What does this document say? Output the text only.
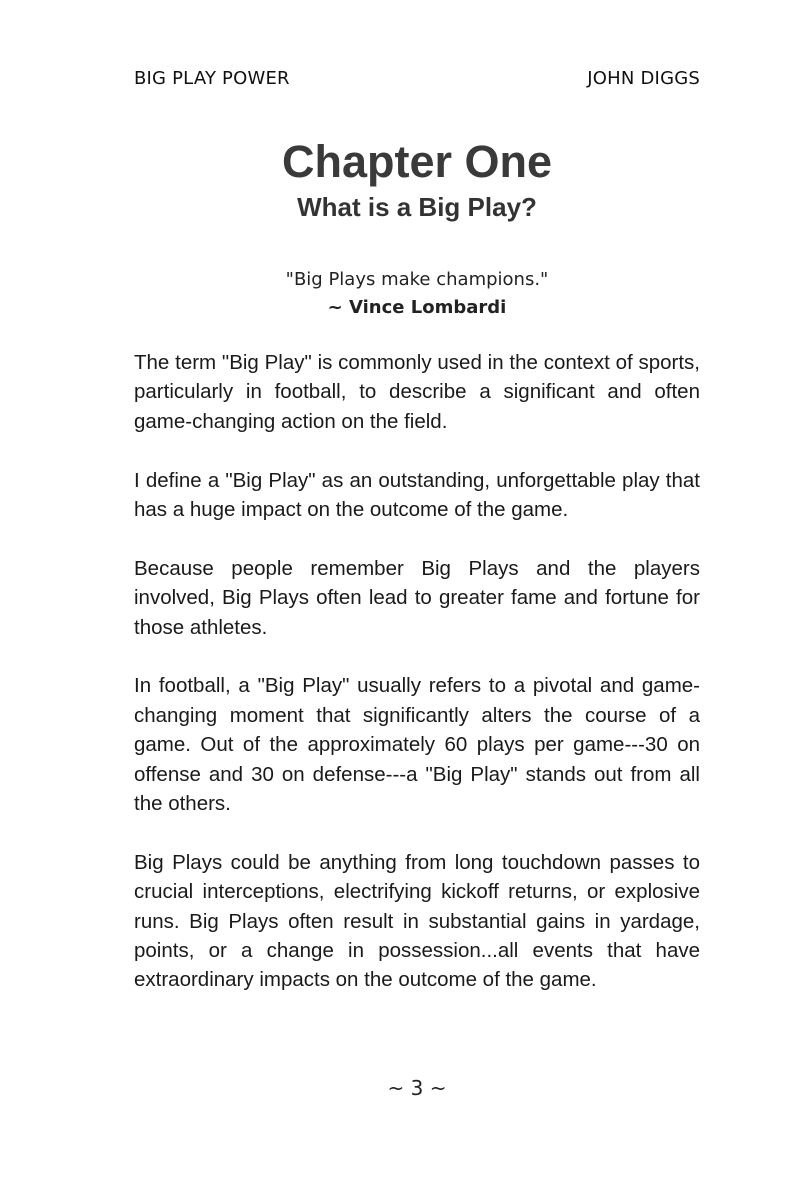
BIG PLAY POWER	JOHN DIGGS
Chapter One
What is a Big Play?
"Big Plays make champions."
~ Vince Lombardi

The term "Big Play" is commonly used in the context of sports, particularly in football, to describe a significant and often game-changing action on the field.

I define a "Big Play" as an outstanding, unforgettable play that has a huge impact on the outcome of the game.

Because people remember Big Plays and the players involved, Big Plays often lead to greater fame and fortune for those athletes.

In football, a "Big Play" usually refers to a pivotal and game-changing moment that significantly alters the course of a game. Out of the approximately 60 plays per game---30 on offense and 30 on defense---a "Big Play" stands out from all the others.

Big Plays could be anything from long touchdown passes to crucial interceptions, electrifying kickoff returns, or explosive runs. Big Plays often result in substantial gains in yardage, points, or a change in possession...all events that have extraordinary impacts on the outcome of the game.

~ 3 ~
